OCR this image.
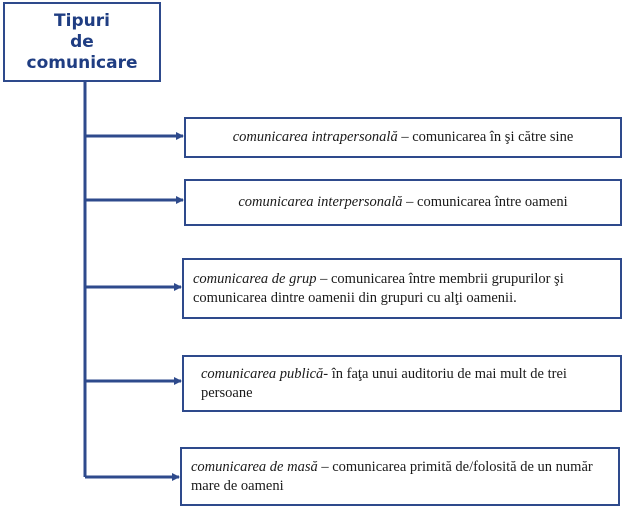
Tipuri
de
comunicare
comunicarea intrapersonală – comunicarea în şi către sine
comunicarea interpersonală – comunicarea între oameni
comunicarea de grup – comunicarea între membrii grupurilor şi comunicarea dintre oamenii din grupuri cu alţi oamenii.
comunicarea publică- în faţa unui auditoriu de mai mult de trei persoane
comunicarea de masă – comunicarea primită de/folosită de un număr mare de oameni
